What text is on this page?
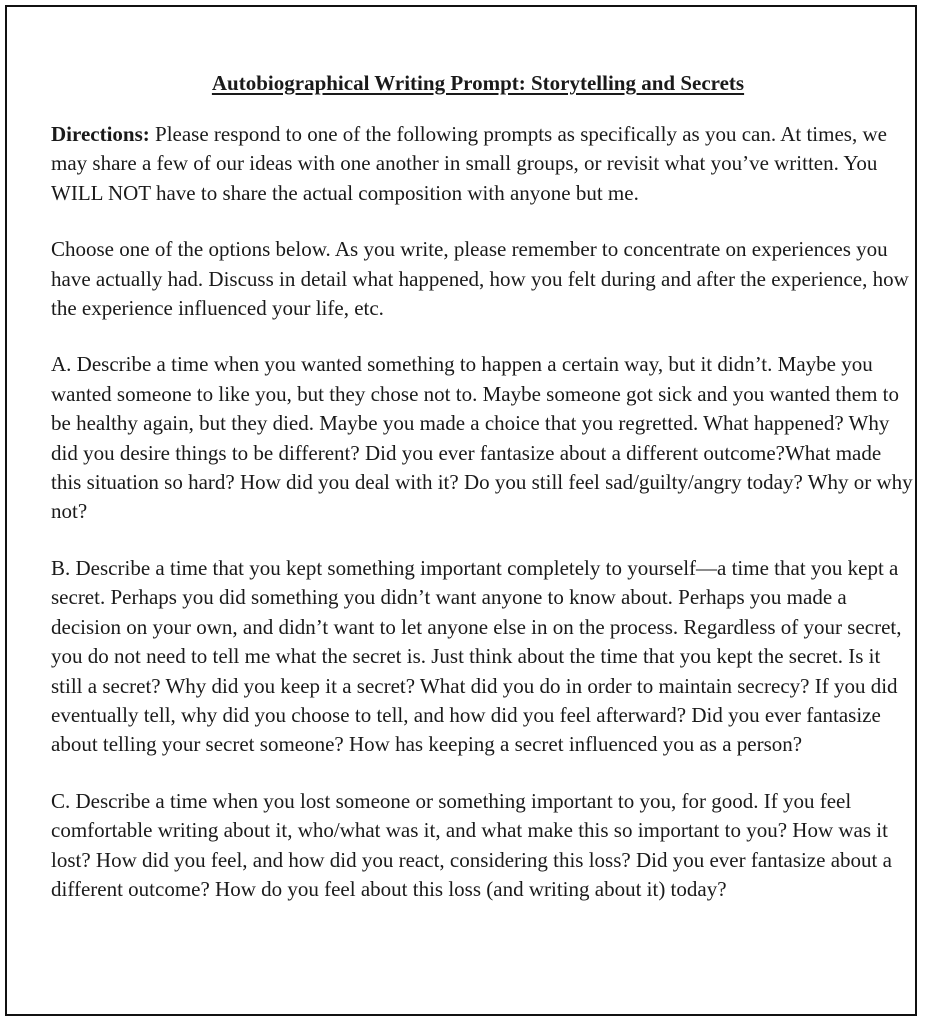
Autobiographical Writing Prompt: Storytelling and Secrets

Directions: Please respond to one of the following prompts as specifically as you can. At times, we may share a few of our ideas with one another in small groups, or revisit what you’ve written. You WILL NOT have to share the actual composition with anyone but me.

Choose one of the options below. As you write, please remember to concentrate on experiences you have actually had. Discuss in detail what happened, how you felt during and after the experience, how the experience influenced your life, etc.

A. Describe a time when you wanted something to happen a certain way, but it didn’t. Maybe you wanted someone to like you, but they chose not to. Maybe someone got sick and you wanted them to be healthy again, but they died. Maybe you made a choice that you regretted. What happened? Why did you desire things to be different? Did you ever fantasize about a different outcome?What made this situation so hard? How did you deal with it? Do you still feel sad/guilty/angry today? Why or why not?

B. Describe a time that you kept something important completely to yourself—a time that you kept a secret. Perhaps you did something you didn’t want anyone to know about. Perhaps you made a decision on your own, and didn’t want to let anyone else in on the process. Regardless of your secret, you do not need to tell me what the secret is. Just think about the time that you kept the secret. Is it still a secret? Why did you keep it a secret? What did you do in order to maintain secrecy? If you did eventually tell, why did you choose to tell, and how did you feel afterward? Did you ever fantasize about telling your secret someone? How has keeping a secret influenced you as a person?

C. Describe a time when you lost someone or something important to you, for good. If you feel comfortable writing about it, who/what was it, and what make this so important to you? How was it lost? How did you feel, and how did you react, considering this loss? Did you ever fantasize about a different outcome? How do you feel about this loss (and writing about it) today?
